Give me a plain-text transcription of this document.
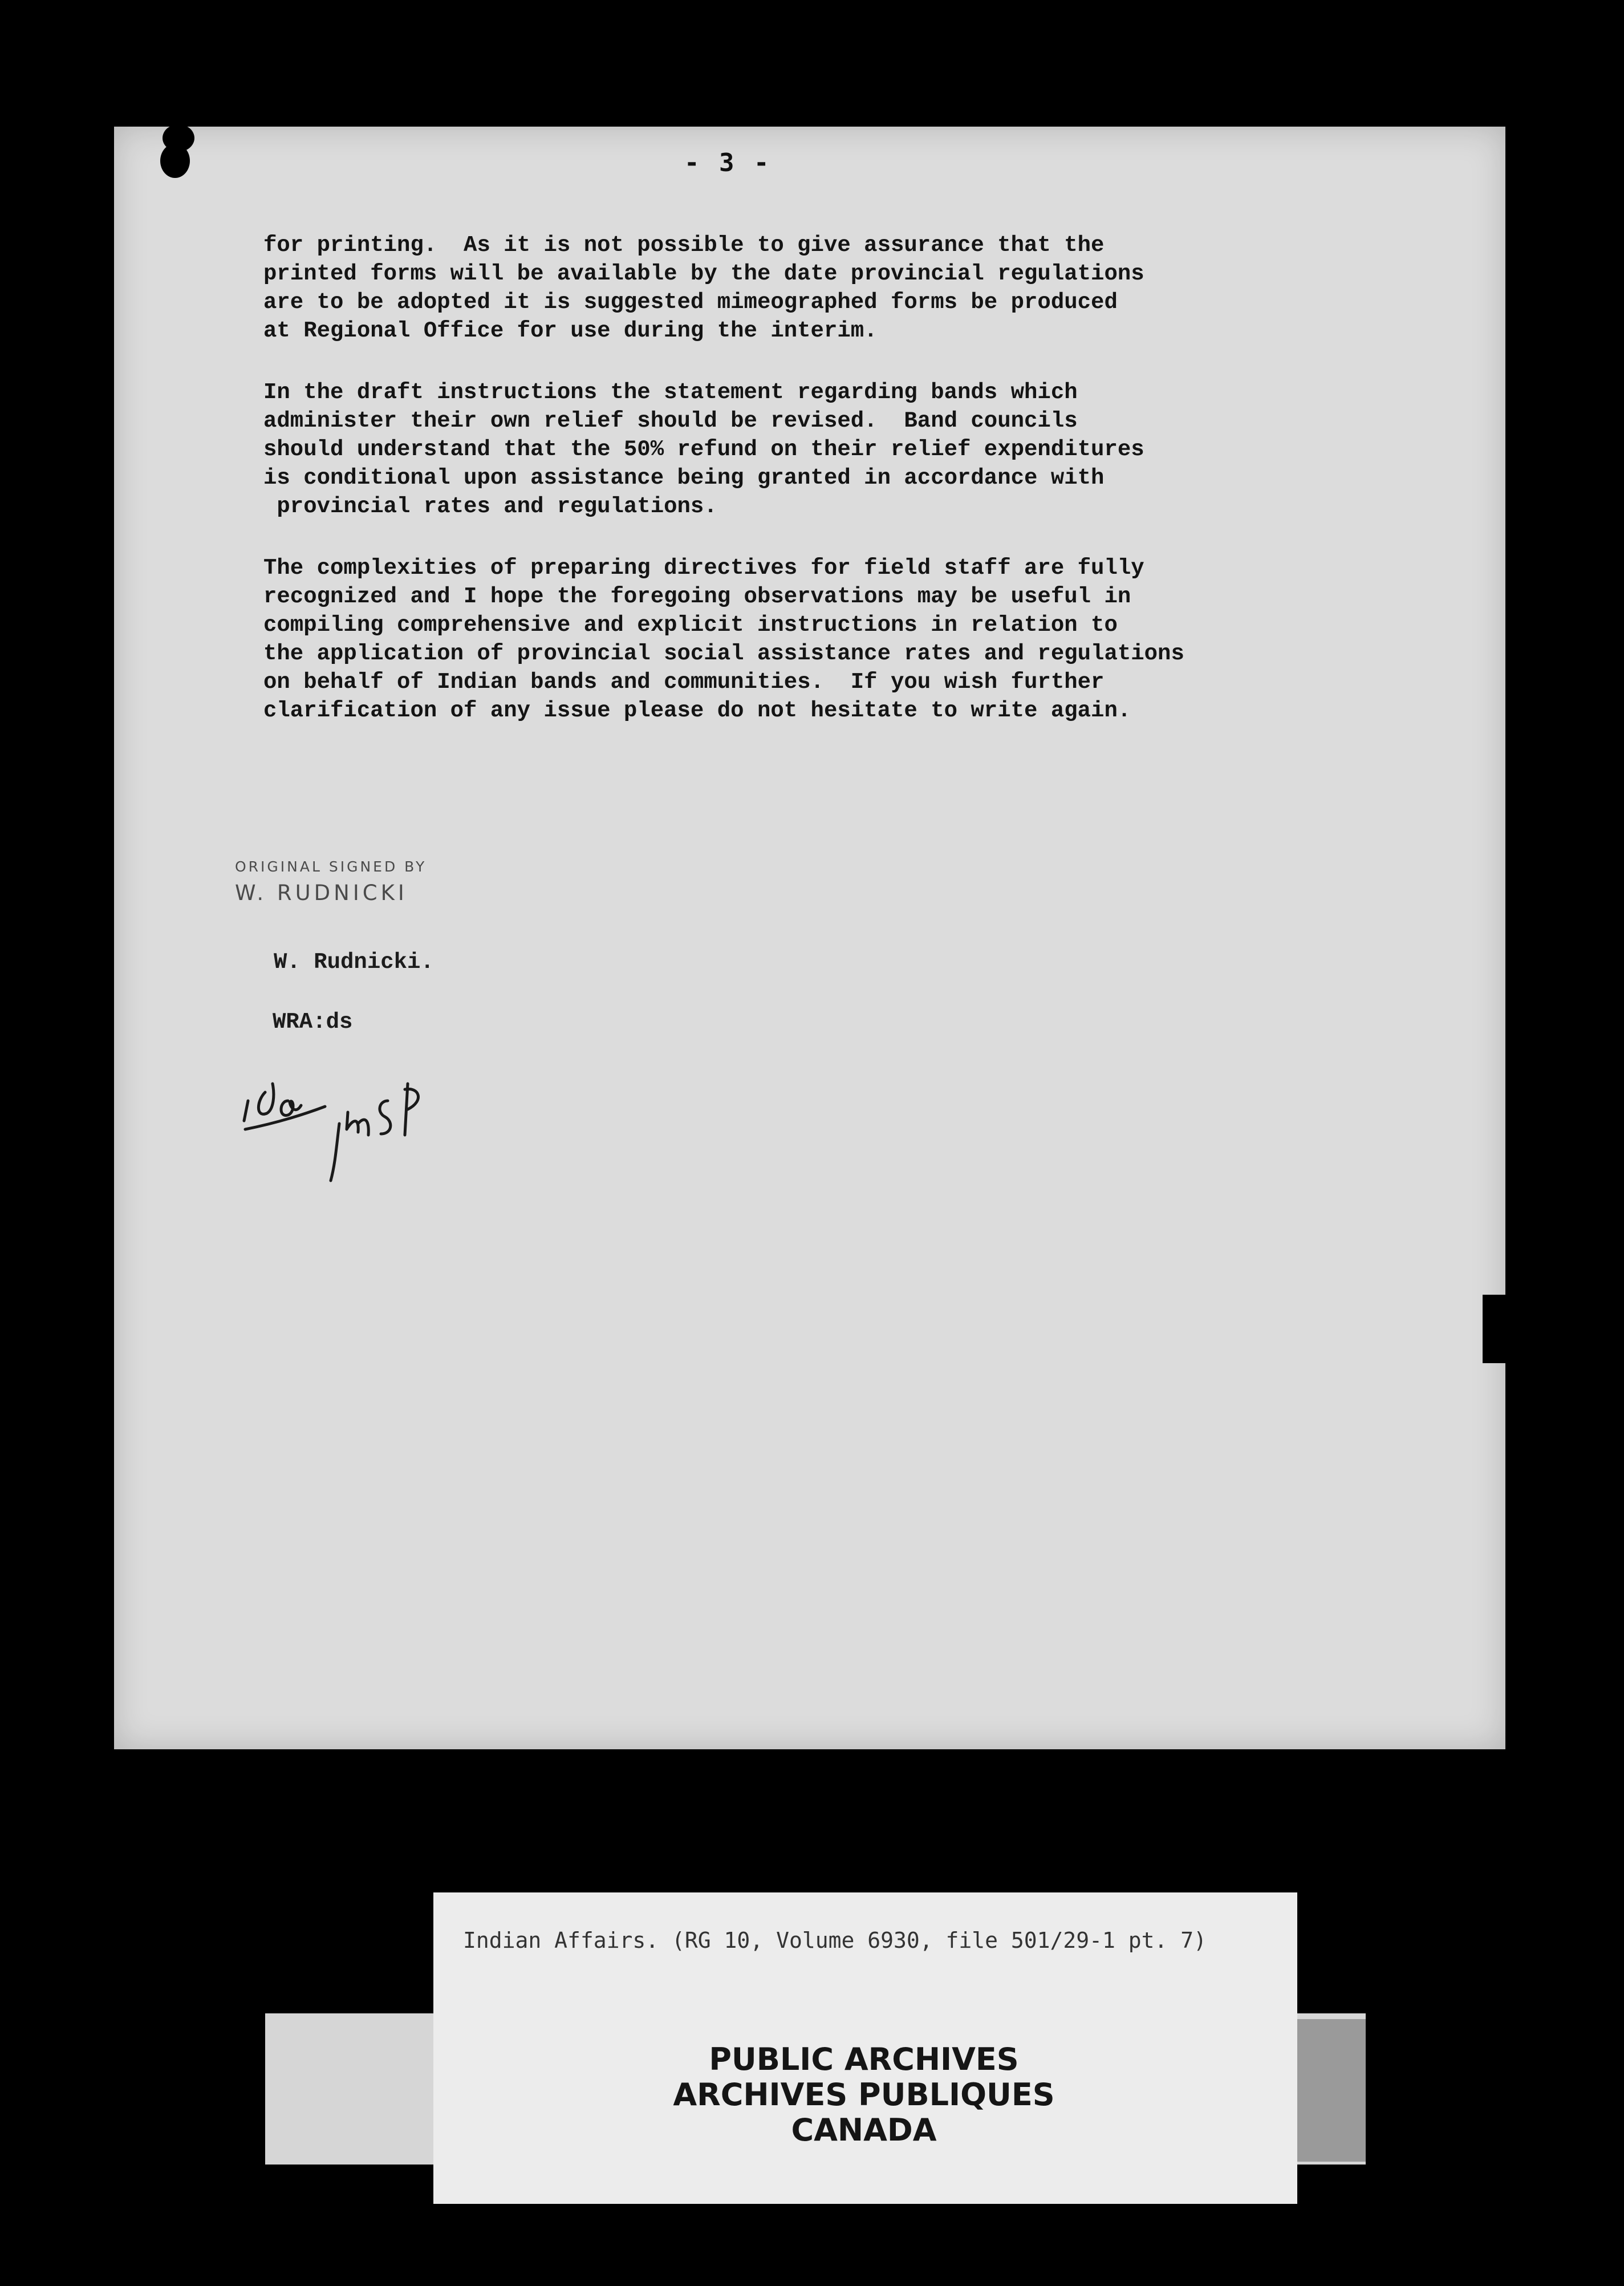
- 3 -

for printing.  As it is not possible to give assurance that the
printed forms will be available by the date provincial regulations
are to be adopted it is suggested mimeographed forms be produced
at Regional Office for use during the interim.

In the draft instructions the statement regarding bands which
administer their own relief should be revised.  Band councils
should understand that the 50% refund on their relief expenditures
is conditional upon assistance being granted in accordance with
provincial rates and regulations.

The complexities of preparing directives for field staff are fully
recognized and I hope the foregoing observations may be useful in
compiling comprehensive and explicit instructions in relation to
the application of provincial social assistance rates and regulations
on behalf of Indian bands and communities.  If you wish further
clarification of any issue please do not hesitate to write again.

ORIGINAL SIGNED BY
W. RUDNICKI
W. Rudnicki.
WRA:ds
Indian Affairs. (RG 10, Volume 6930, file 501/29-1 pt. 7)
PUBLIC ARCHIVES
ARCHIVES PUBLIQUES
CANADA
